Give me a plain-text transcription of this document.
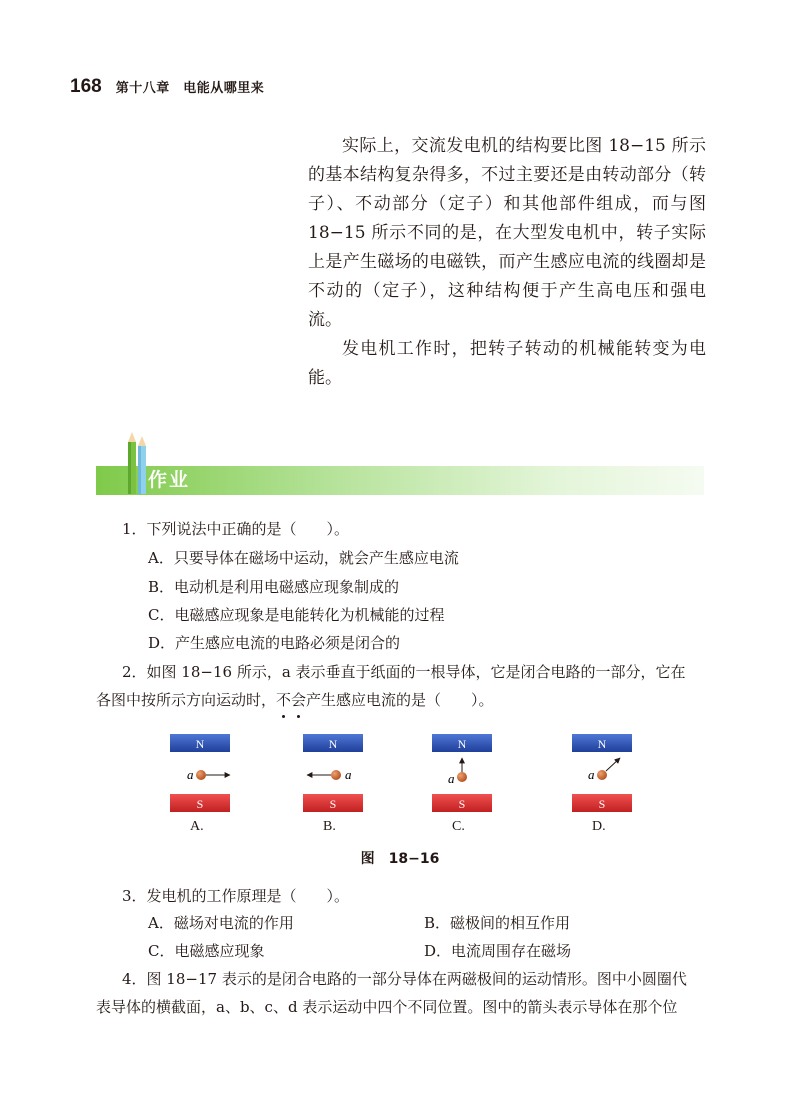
168 第十八章　电能从哪里来

实际上，交流发电机的结构要比图 18−15 所示的基本结构复杂得多，不过主要还是由转动部分（转子）、不动部分（定子）和其他部件组成，而与图 18−15 所示不同的是，在大型发电机中，转子实际上是产生磁场的电磁铁，而产生感应电流的线圈却是不动的（定子），这种结构便于产生高电压和强电流。

发电机工作时，把转子转动的机械能转变为电能。

作业
1．下列说法中正确的是（　　）。
A．只要导体在磁场中运动，就会产生感应电流
B．电动机是利用电磁感应现象制成的
C．电磁感应现象是电能转化为机械能的过程
D．产生感应电流的电路必须是闭合的
2．如图 18−16 所示，a 表示垂直于纸面的一根导体，它是闭合电路的一部分，它在
各图中按所示方向运动时，不
会
产生感应电流的是（　　）。
N
S
a
N
S
a
N
S
a
N
S
a
A.	B.	C.	D.
图　18−16
3．发电机的工作原理是（　　）。
A．磁场对电流的作用	B．磁极间的相互作用
C．电磁感应现象	D．电流周围存在磁场
4．图 18−17 表示的是闭合电路的一部分导体在两磁极间的运动情形。图中小圆圈代
表导体的横截面，a、b、c、d 表示运动中四个不同位置。图中的箭头表示导体在那个位
